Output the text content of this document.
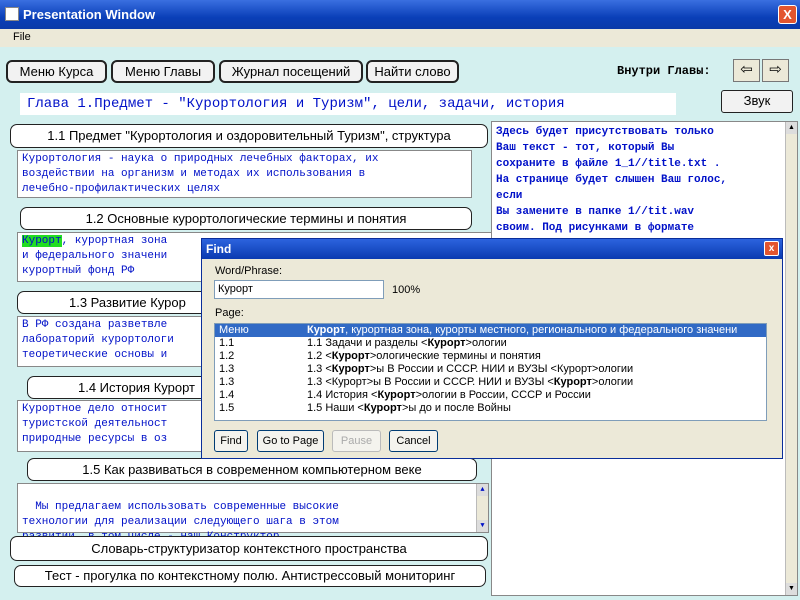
Presentation Window	X
File
Меню Курса	Меню Главы	Журнал посещений	Найти слово	Внутри Главы:	⇦	⇨
Звук
Глава 1.Предмет - "Курортология и Туризм", цели, задачи, история
1.1 Предмет "Курортология и оздоровительный Туризм", структура
Курортология - наука о природных лечебных факторах, их
воздействии на организм и методах их использования в
лечебно-профилактических целях
1.2 Основные курортологические термины и понятия
Курорт, курортная зона
и федерального значени
курортный фонд РФ
1.3 Развитие Курор
В РФ создана разветвле
лабораторий курортологи
теоретические основы и
1.4 История Курорт
Курортное дело относит
туристской деятельност
природные ресурсы в оз
1.5 Как развиваться в современном компьютерном веке

Мы предлагаем использовать современные высокие
технологии для реализации следующего шага в этом

▲
▼

Словарь-структуризатор контекстного пространства
Тест - прогулка по контекстному полю. Антистрессовый мониторинг
Здесь будет присутствовать только
Ваш текст - тот, который Вы
сохраните в файле 1_1//title.txt .
На странице будет слышен Ваш голос,
если
Вы замените в папке 1//tit.wav
своим. Под рисунками в формате
▲
▼
Find	x
Word/Phrase:
Курорт	100%
Page:
Меню	Курорт, курортная зона, курорты местного, регионального и федерального значени
1.1	1.1 Задачи и разделы <Курорт>ологии
1.2	1.2 <Курорт>ологические термины и понятия
1.3	1.3 <Курорт>ы В России и СССР. НИИ и ВУЗЫ <Курорт>ологии
1.3	1.3 <Курорт>ы В России и СССР. НИИ и ВУЗЫ <Курорт>ологии
1.4	1.4 История <Курорт>ологии в России, СССР и России
1.5	1.5 Наши <Курорт>ы до и после Войны
Find	Go to Page	Pause	Cancel
